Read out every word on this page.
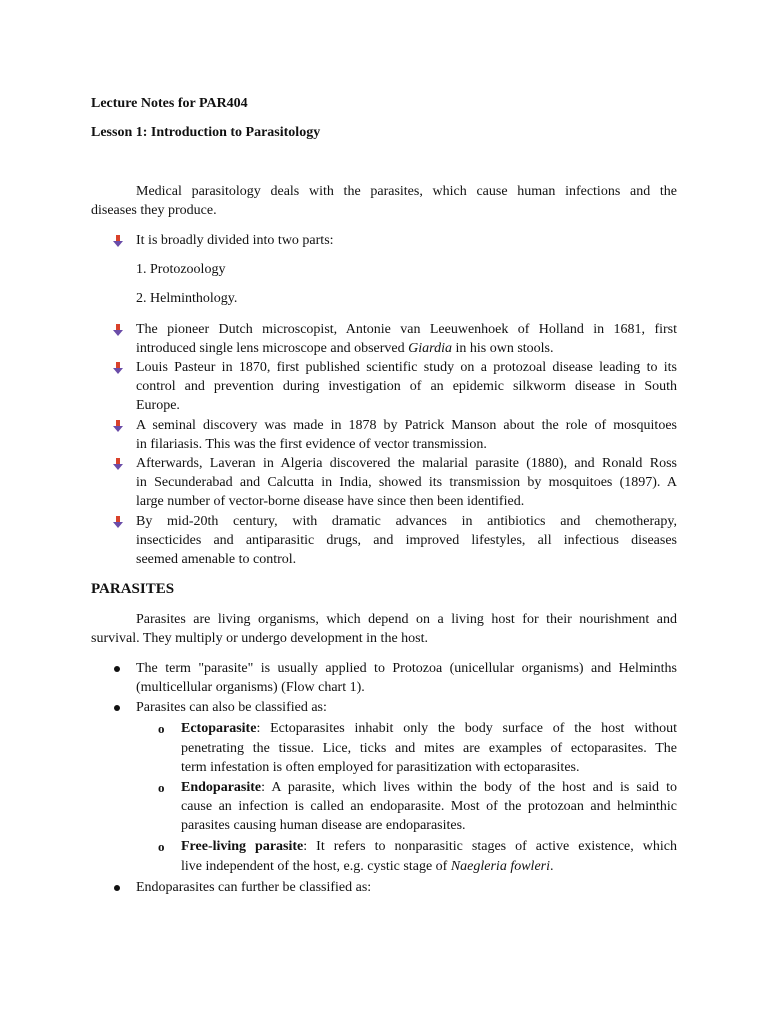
Lecture Notes for PAR404
Lesson 1: Introduction to Parasitology
Medical parasitology deals with the parasites, which cause human infections and the
diseases they produce.
It is broadly divided into two parts:
1. Protozoology
2. Helminthology.
The pioneer Dutch microscopist, Antonie van Leeuwenhoek of Holland in 1681, first
introduced single lens microscope and observed Giardia in his own stools.
Louis Pasteur in 1870, first published scientific study on a protozoal disease leading to its
control and prevention during investigation of an epidemic silkworm disease in South
Europe.
A seminal discovery was made in 1878 by Patrick Manson about the role of mosquitoes
in filariasis. This was the first evidence of vector transmission.
Afterwards, Laveran in Algeria discovered the malarial parasite (1880), and Ronald Ross
in Secunderabad and Calcutta in India, showed its transmission by mosquitoes (1897). A
large number of vector-borne disease have since then been identified.
By mid-20th century, with dramatic advances in antibiotics and chemotherapy,
insecticides and antiparasitic drugs, and improved lifestyles, all infectious diseases
seemed amenable to control.
PARASITES
Parasites are living organisms, which depend on a living host for their nourishment and
survival. They multiply or undergo development in the host.
The term "parasite" is usually applied to Protozoa (unicellular organisms) and Helminths
(multicellular organisms) (Flow chart 1).
Parasites can also be classified as:
o Ectoparasite: Ectoparasites inhabit only the body surface of the host without
penetrating the tissue. Lice, ticks and mites are examples of ectoparasites. The
term infestation is often employed for parasitization with ectoparasites.
o Endoparasite: A parasite, which lives within the body of the host and is said to
cause an infection is called an endoparasite. Most of the protozoan and helminthic
parasites causing human disease are endoparasites.
o Free-living parasite: It refers to nonparasitic stages of active existence, which
live independent of the host, e.g. cystic stage of Naegleria fowleri.
Endoparasites can further be classified as:
